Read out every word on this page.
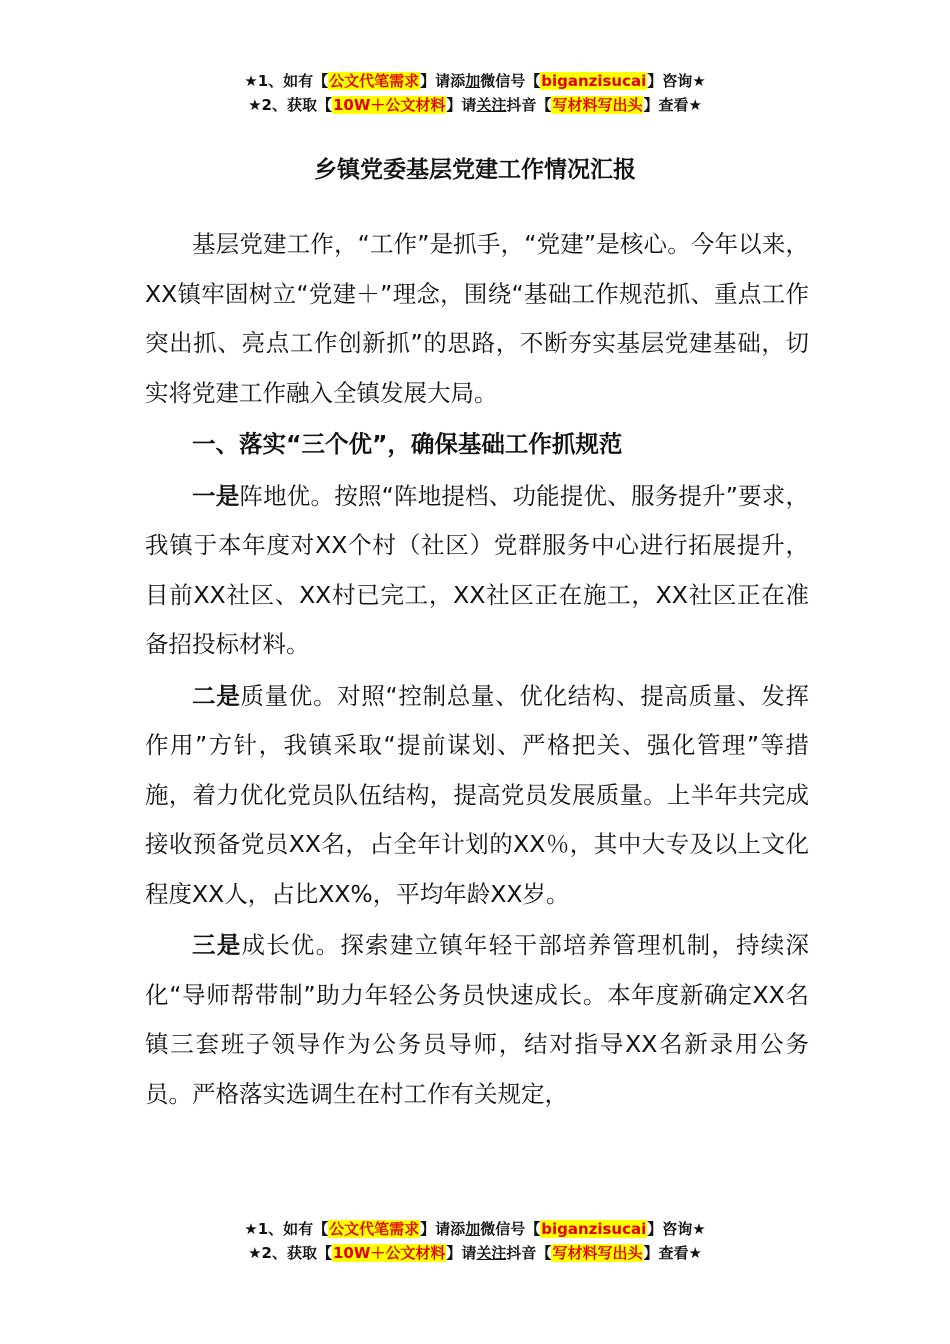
★1、如有【公文代笔需求】请添加微信号【biganzisucai】咨询★
★2、获取【10W＋公文材料】请关注抖音【写材料写出头】查看★
乡镇党委基层党建工作情况汇报

基层党建工作，“工作”是抓手，“党建”是核心。今年以来，XX镇牢固树立“党建＋”理念，围绕“基础工作规范抓、重点工作突出抓、亮点工作创新抓”的思路，不断夯实基层党建基础，切实将党建工作融入全镇发展大局。

一、落实“三个优”，确保基础工作抓规范

一是阵地优。按照“阵地提档、功能提优、服务提升”要求，我镇于本年度对XX个村（社区）党群服务中心进行拓展提升，目前XX社区、XX村已完工，XX社区正在施工，XX社区正在准备招投标材料。

二是质量优。对照“控制总量、优化结构、提高质量、发挥作用”方针，我镇采取“提前谋划、严格把关、强化管理”等措施，着力优化党员队伍结构，提高党员发展质量。上半年共完成接收预备党员XX名，占全年计划的XX％，其中大专及以上文化程度XX人，占比XX%，平均年龄XX岁。

三是成长优。探索建立镇年轻干部培养管理机制，持续深化“导师帮带制”助力年轻公务员快速成长。本年度新确定XX名镇三套班子领导作为公务员导师，结对指导XX名新录用公务员。严格落实选调生在村工作有关规定，

★1、如有【公文代笔需求】请添加微信号【biganzisucai】咨询★
★2、获取【10W＋公文材料】请关注抖音【写材料写出头】查看★
